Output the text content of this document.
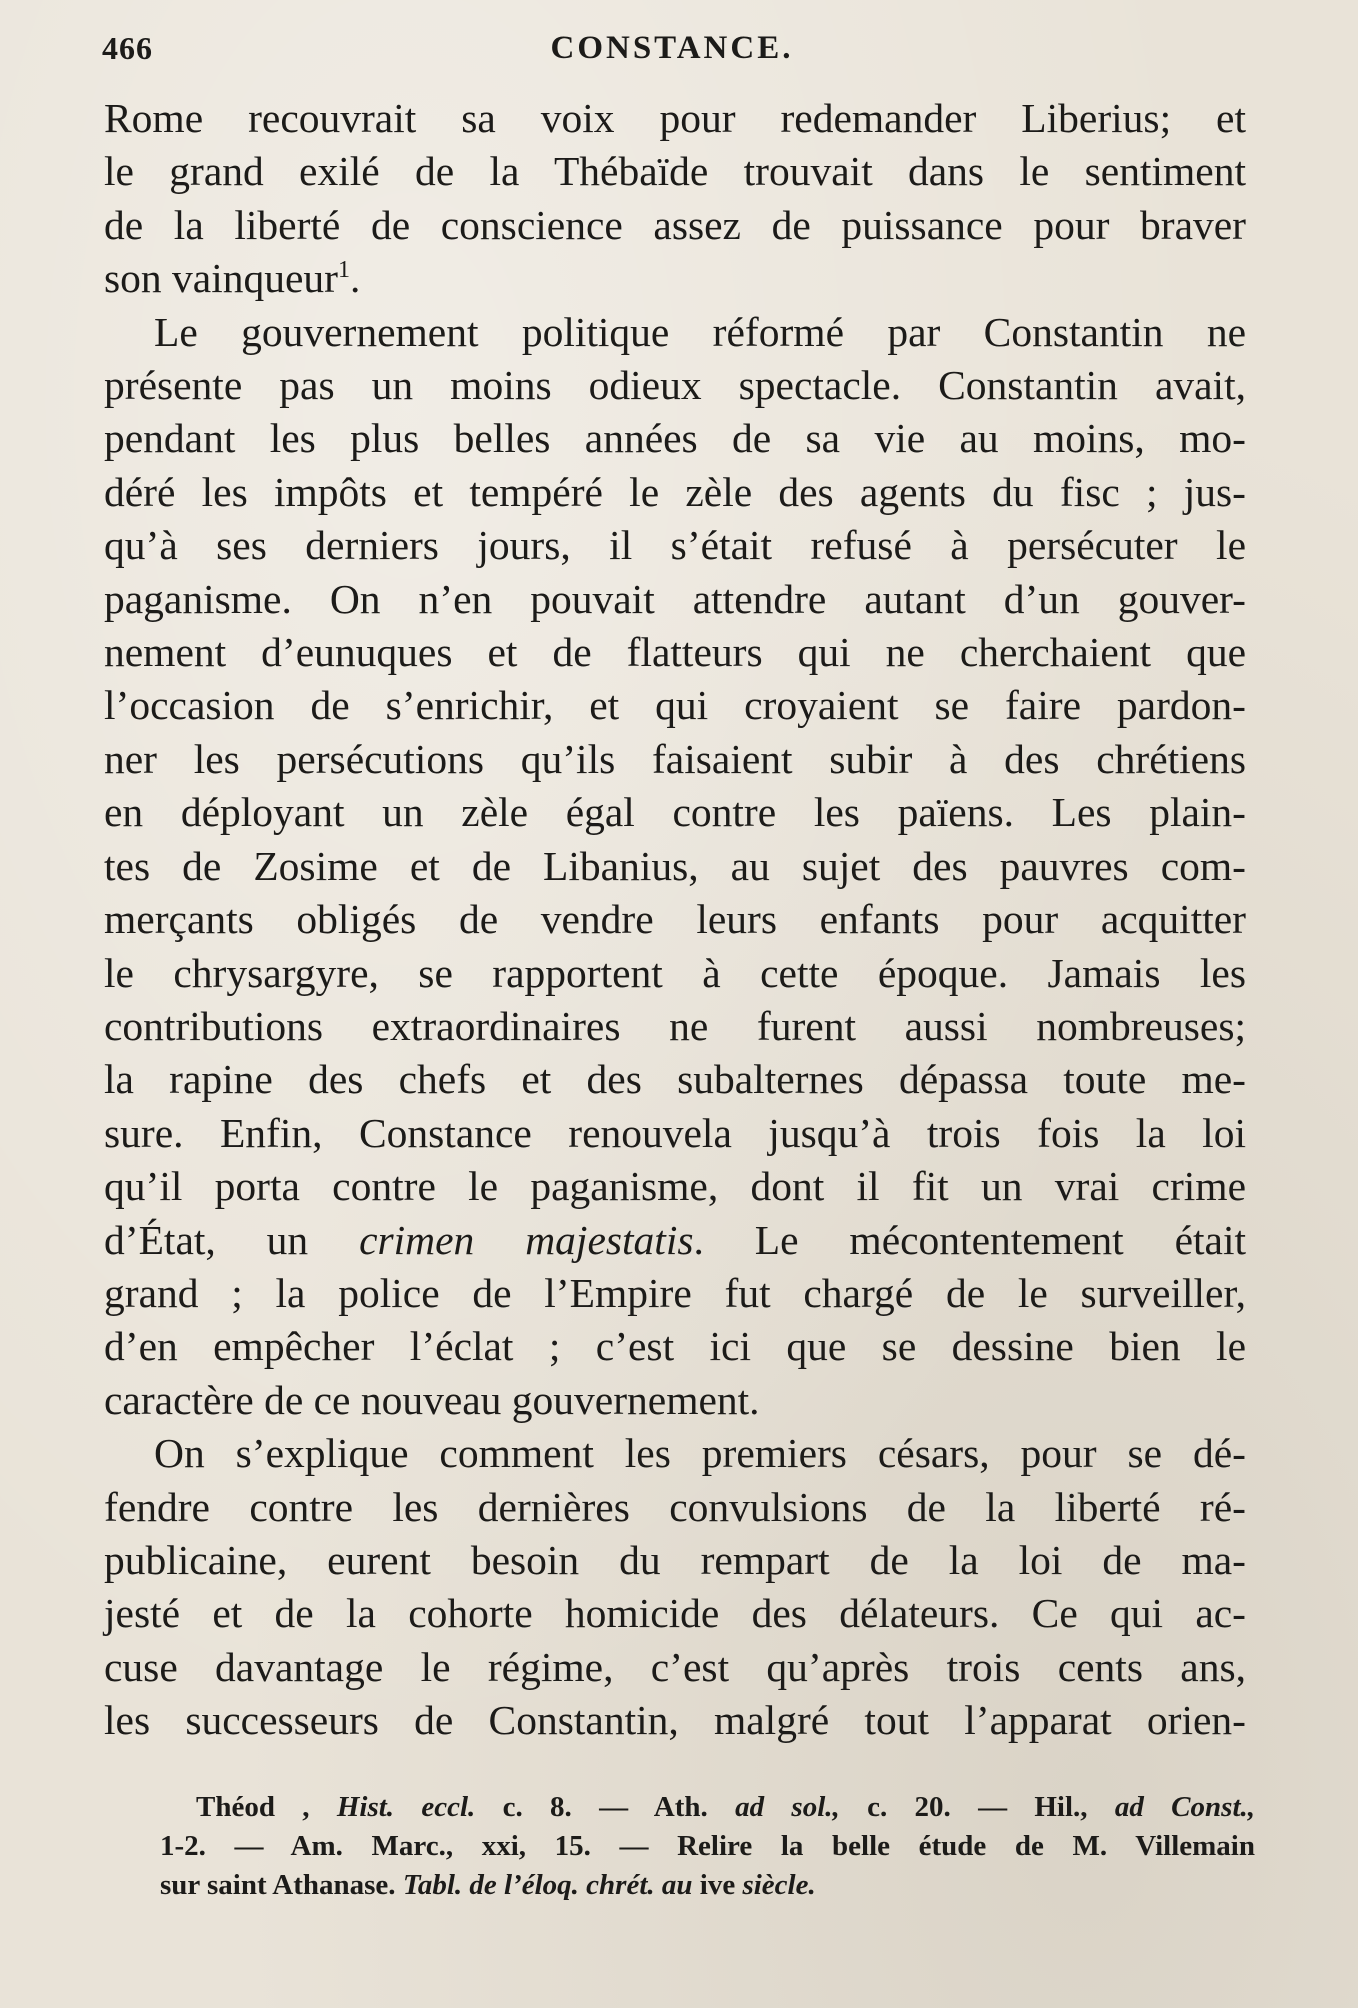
466	CONSTANCE.

Rome recouvrait sa voix pour redemander Liberius; et
le grand exilé de la Thébaïde trouvait dans le sentiment
de la liberté de conscience assez de puissance pour braver
son vainqueur$^1$.

Le gouvernement politique réformé par Constantin ne
présente pas un moins odieux spectacle. Constantin avait,
pendant les plus belles années de sa vie au moins, mo-
déré les impôts et tempéré le zèle des agents du fisc ; jus-
qu’à ses derniers jours, il s’était refusé à persécuter le
paganisme. On n’en pouvait attendre autant d’un gouver-
nement d’eunuques et de flatteurs qui ne cherchaient que
l’occasion de s’enrichir, et qui croyaient se faire pardon-
ner les persécutions qu’ils faisaient subir à des chrétiens
en déployant un zèle égal contre les païens. Les plain-
tes de Zosime et de Libanius, au sujet des pauvres com-
merçants obligés de vendre leurs enfants pour acquitter
le chrysargyre, se rapportent à cette époque. Jamais les
contributions extraordinaires ne furent aussi nombreuses;
la rapine des chefs et des subalternes dépassa toute me-
sure. Enfin, Constance renouvela jusqu’à trois fois la loi
qu’il porta contre le paganisme, dont il fit un vrai crime
d’État, un crimen majestatis. Le mécontentement était
grand ; la police de l’Empire fut chargé de le surveiller,
d’en empêcher l’éclat ; c’est ici que se dessine bien le
caractère de ce nouveau gouvernement.

On s’explique comment les premiers césars, pour se dé-
fendre contre les dernières convulsions de la liberté ré-
publicaine, eurent besoin du rempart de la loi de ma-
jesté et de la cohorte homicide des délateurs. Ce qui ac-
cuse davantage le régime, c’est qu’après trois cents ans,
les successeurs de Constantin, malgré tout l’apparat orien-

Théod , Hist. eccl. c. 8. — Ath. ad sol., c. 20. — Hil., ad Const.,
1-2. — Am. Marc., xxi, 15. — Relire la belle étude de M. Villemain
sur saint Athanase. Tabl. de l’éloq. chrét. au ive siècle.
